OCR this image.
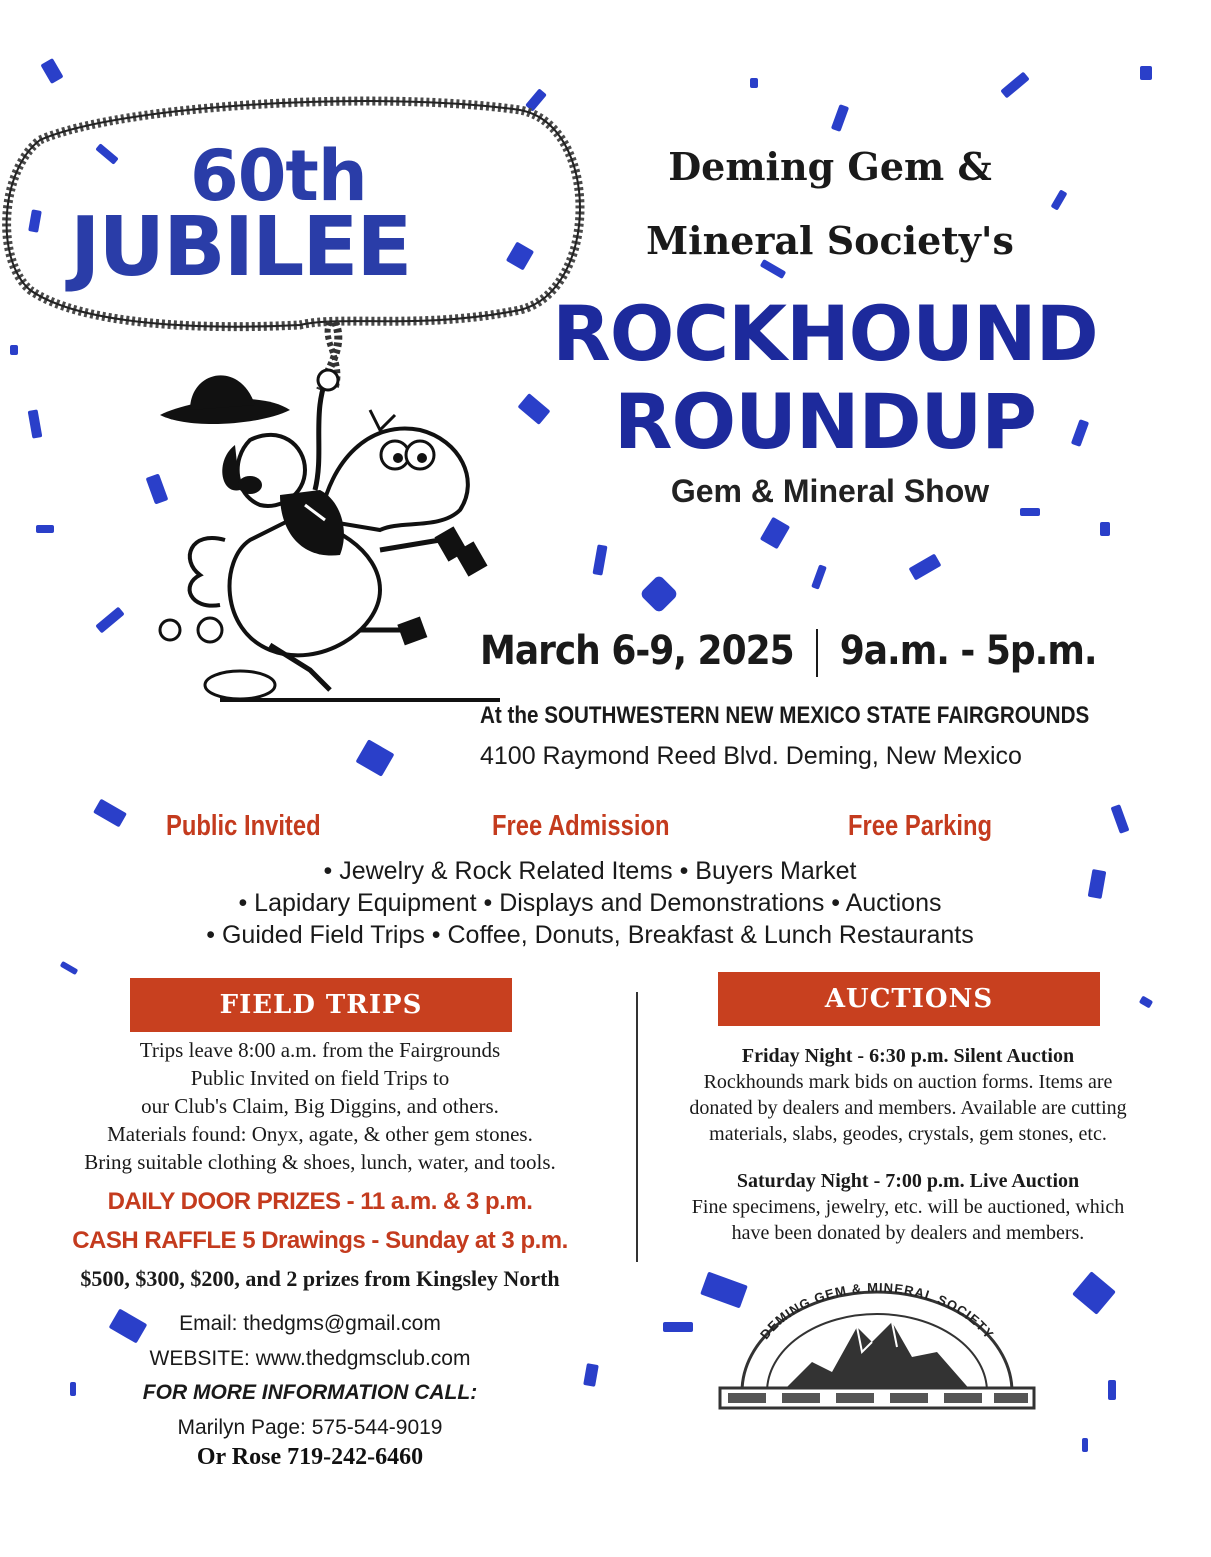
60th
JUBILEE
Deming Gem &
Mineral Society's
ROCKHOUND
ROUNDUP
Gem & Mineral Show
March 6-9, 2025 9a.m. - 5p.m.
At the SOUTHWESTERN NEW MEXICO STATE FAIRGROUNDS
4100 Raymond Reed Blvd. Deming, New Mexico
Public Invited	Free Admission	Free Parking
• Jewelry & Rock Related Items • Buyers Market
• Lapidary Equipment • Displays and Demonstrations • Auctions
• Guided Field Trips • Coffee, Donuts, Breakfast & Lunch Restaurants
FIELD TRIPS
Trips leave 8:00 a.m. from the Fairgrounds
Public Invited on field Trips to
our Club's Claim, Big Diggins, and others.
Materials found: Onyx, agate, & other gem stones.
Bring suitable clothing & shoes, lunch, water, and tools.
DAILY DOOR PRIZES - 11 a.m. & 3 p.m.
CASH RAFFLE 5 Drawings - Sunday at 3 p.m.
$500, $300, $200, and 2 prizes from Kingsley North
AUCTIONS
Friday Night - 6:30 p.m. Silent Auction
Rockhounds mark bids on auction forms. Items are
donated by dealers and members. Available are cutting
materials, slabs, geodes, crystals, gem stones, etc.
Saturday Night - 7:00 p.m. Live Auction
Fine specimens, jewelry, etc. will be auctioned, which
have been donated by dealers and members.
Email: thedgms@gmail.com
WEBSITE: www.thedgmsclub.com
FOR MORE INFORMATION CALL:
Marilyn Page: 575-544-9019
Or Rose 719-242-6460
DEMING GEM & MINERAL SOCIETY
